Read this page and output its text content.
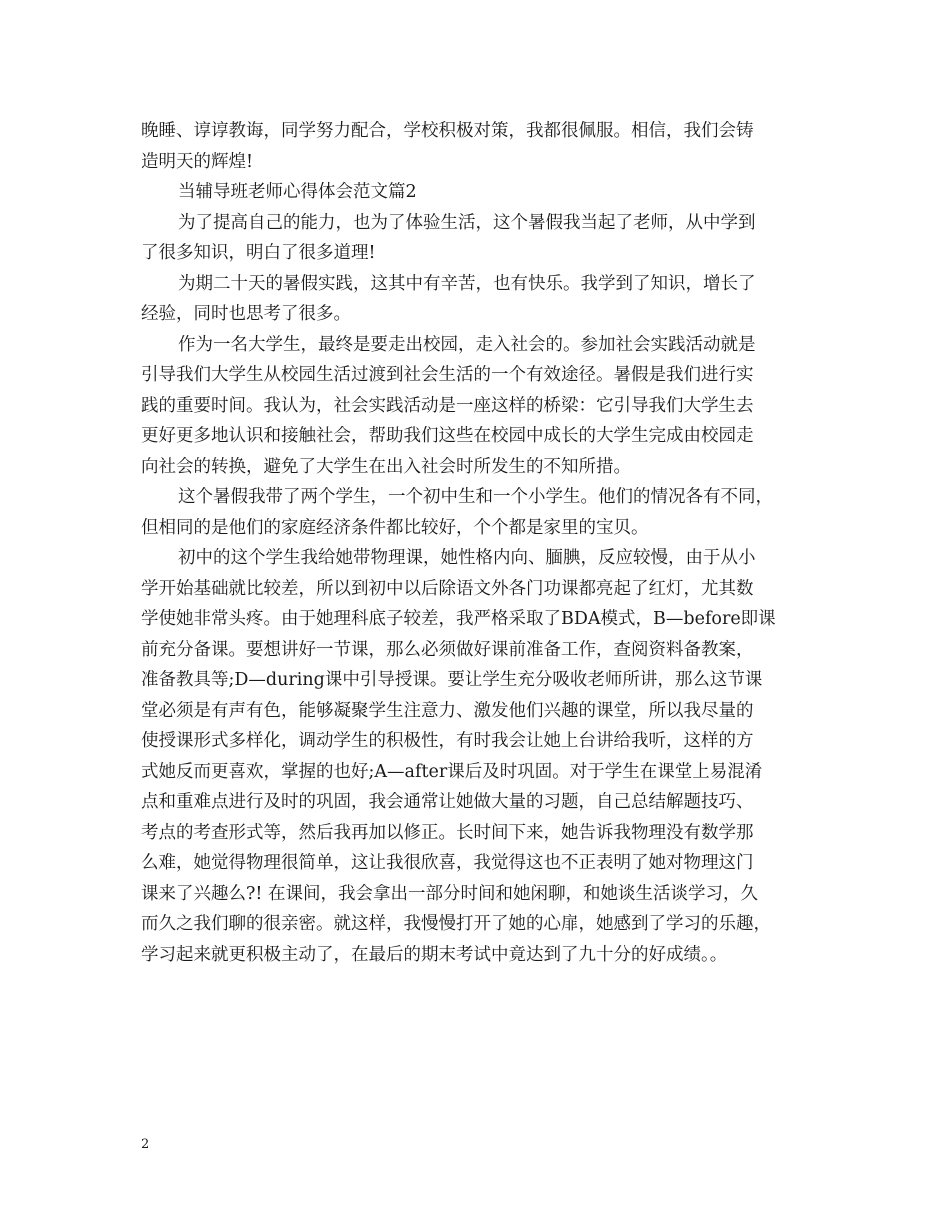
晚睡、谆谆教诲，同学努力配合，学校积极对策，我都很佩服。相信，我们会铸
造明天的辉煌!
当辅导班老师心得体会范文篇2
为了提高自己的能力，也为了体验生活，这个暑假我当起了老师，从中学到
了很多知识，明白了很多道理!
为期二十天的暑假实践，这其中有辛苦，也有快乐。我学到了知识，增长了
经验，同时也思考了很多。
作为一名大学生，最终是要走出校园，走入社会的。参加社会实践活动就是
引导我们大学生从校园生活过渡到社会生活的一个有效途径。暑假是我们进行实
践的重要时间。我认为，社会实践活动是一座这样的桥梁：它引导我们大学生去
更好更多地认识和接触社会，帮助我们这些在校园中成长的大学生完成由校园走
向社会的转换，避免了大学生在出入社会时所发生的不知所措。
这个暑假我带了两个学生，一个初中生和一个小学生。他们的情况各有不同，
但相同的是他们的家庭经济条件都比较好，个个都是家里的宝贝。
初中的这个学生我给她带物理课，她性格内向、腼腆，反应较慢，由于从小
学开始基础就比较差，所以到初中以后除语文外各门功课都亮起了红灯，尤其数
学使她非常头疼。由于她理科底子较差，我严格采取了BDA模式，B—before即课
前充分备课。要想讲好一节课，那么必须做好课前准备工作，查阅资料备教案，
准备教具等;D—during课中引导授课。要让学生充分吸收老师所讲，那么这节课
堂必须是有声有色，能够凝聚学生注意力、激发他们兴趣的课堂，所以我尽量的
使授课形式多样化，调动学生的积极性，有时我会让她上台讲给我听，这样的方
式她反而更喜欢，掌握的也好;A—after课后及时巩固。对于学生在课堂上易混淆
点和重难点进行及时的巩固，我会通常让她做大量的习题，自己总结解题技巧、
考点的考查形式等，然后我再加以修正。长时间下来，她告诉我物理没有数学那
么难，她觉得物理很简单，这让我很欣喜，我觉得这也不正表明了她对物理这门
课来了兴趣么?! 在课间，我会拿出一部分时间和她闲聊，和她谈生活谈学习，久
而久之我们聊的很亲密。就这样，我慢慢打开了她的心扉，她感到了学习的乐趣，
学习起来就更积极主动了，在最后的期末考试中竟达到了九十分的好成绩。。
2
